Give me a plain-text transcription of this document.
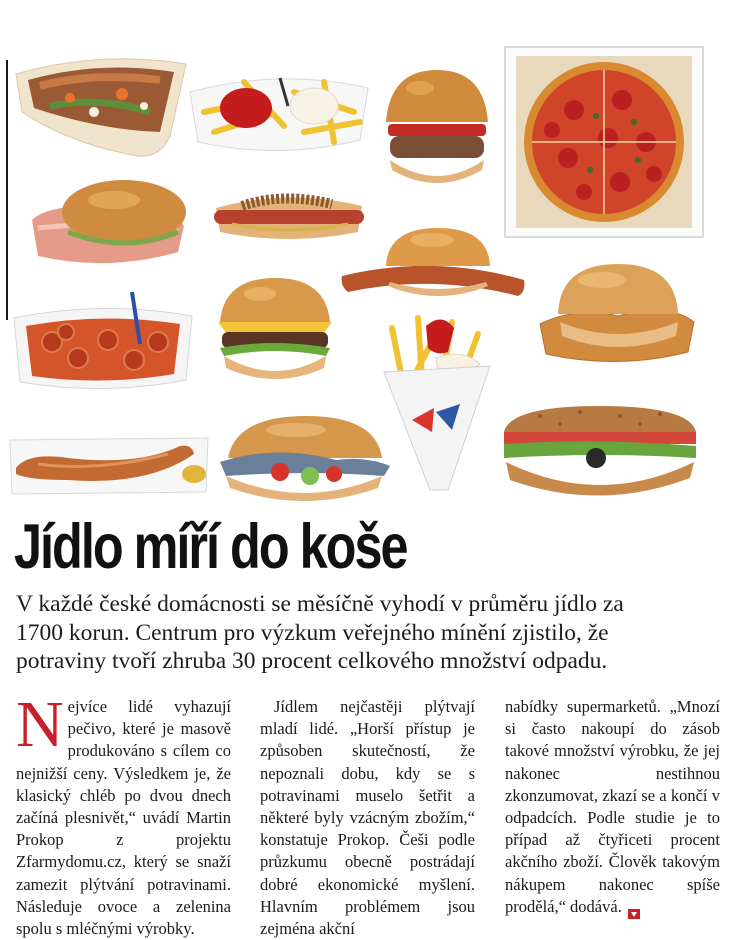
Jídlo míří do koše

V každé české domácnosti se měsíčně vyhodí v průměru jídlo za 1700 korun. Centrum pro výzkum veřejného mínění zjistilo, že potraviny tvoří zhruba 30 procent celkového množství odpadu.

Nejvíce lidé vyhazují pečivo, které je masově produkováno s cílem co nejnižší ceny. Výsledkem je, že klasický chléb po dvou dnech začíná plesnivět,“ uvádí Martin Prokop z projektu Zfarmydomu.cz, který se snaží zamezit plýtvání potravinami. Následuje ovoce a zelenina spolu s mléčnými výrobky.

Jídlem nejčastěji plýtvají mladí lidé. „Horší přístup je způsoben skutečností, že nepoznali dobu, kdy se s potravinami muselo šetřit a některé byly vzácným zbožím,“ konstatuje Prokop. Češi podle průzkumu obecně postrádají dobré ekonomické myšlení. Hlavním problémem jsou zejména akční

nabídky supermarketů. „Mnozí si často nakoupí do zásob takové množství výrobku, že jej nakonec nestihnou zkonzumovat, zkazí se a končí v odpadcích. Podle studie je to případ až čtyřiceti procent akčního zboží. Člověk takovým nákupem nakonec spíše prodělá,“ dodává.
